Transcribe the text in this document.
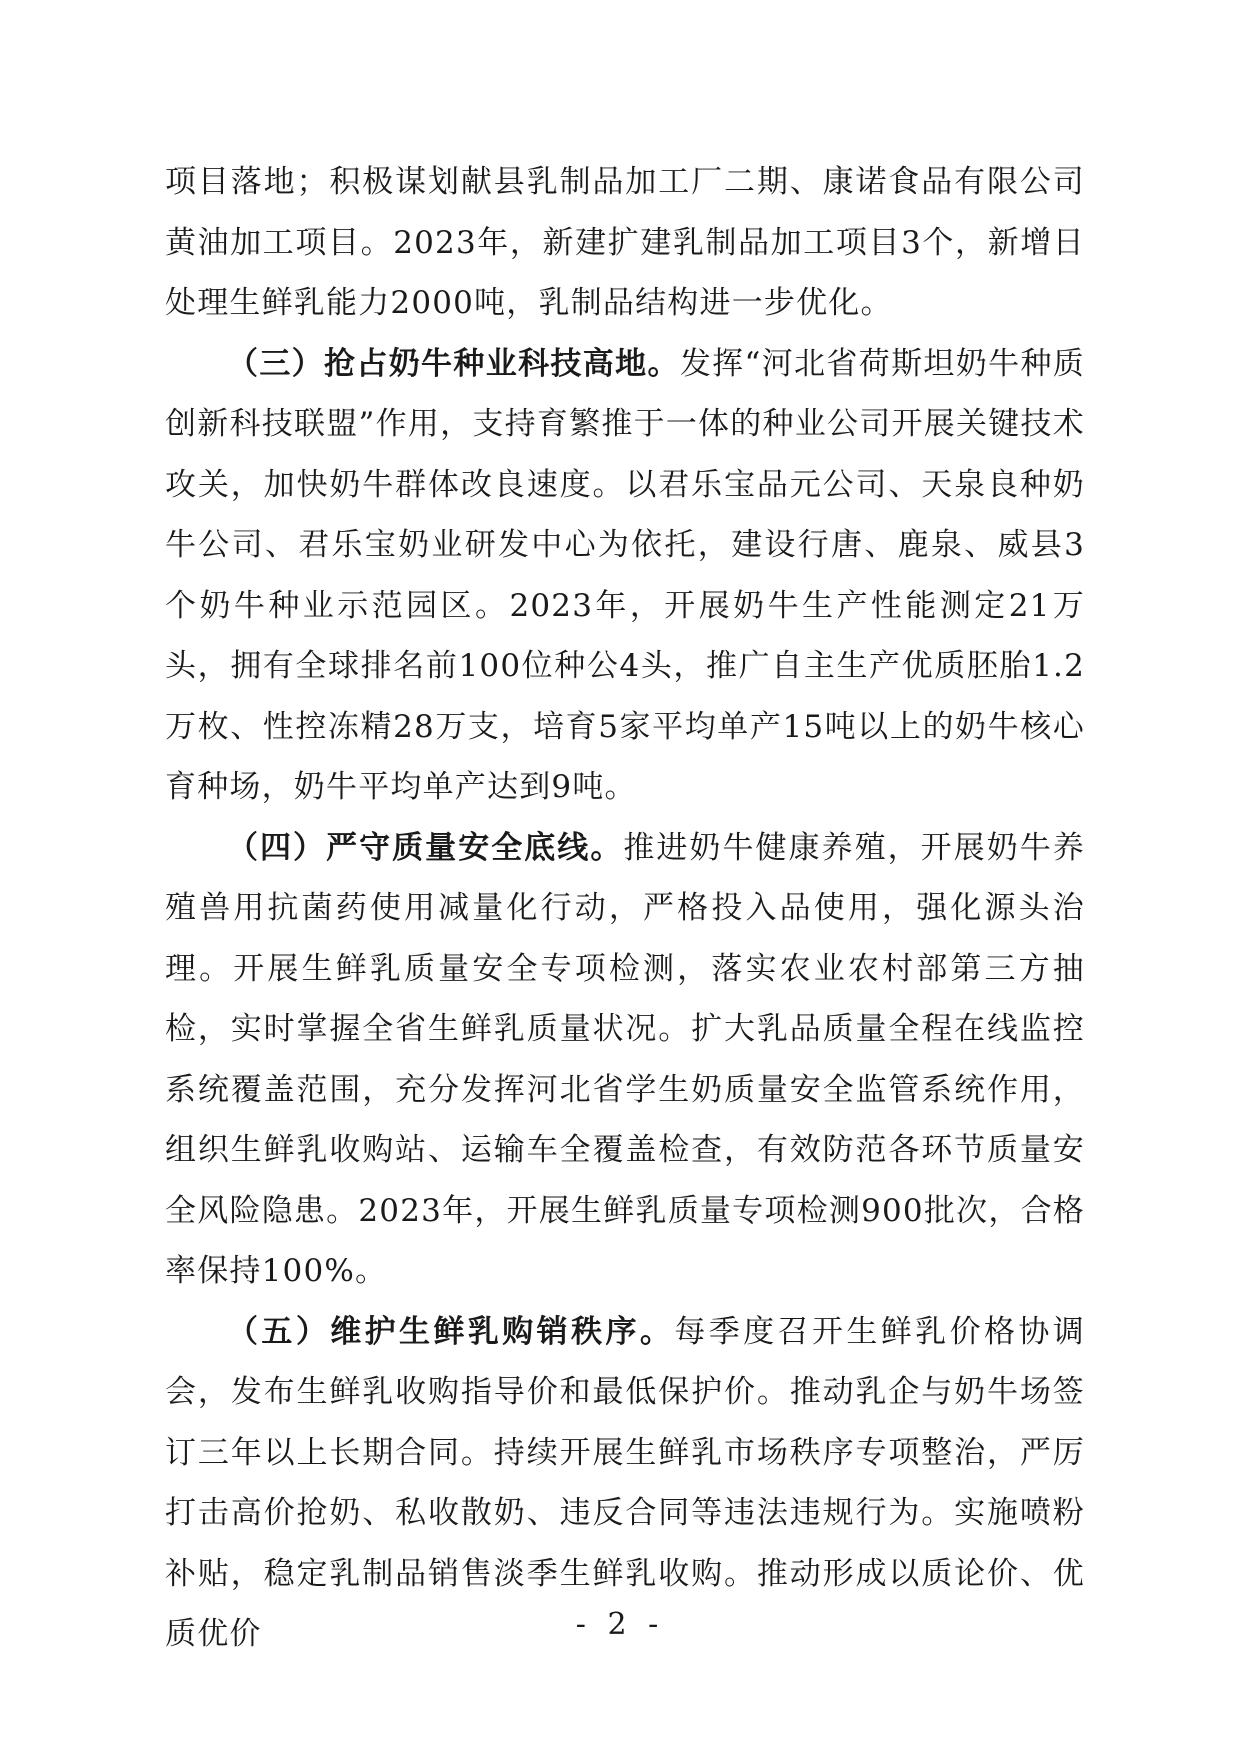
项目落地；积极谋划献县乳制品加工厂二期、康诺食品有限公司黄油加工项目。2023年，新建扩建乳制品加工项目3个，新增日处理生鲜乳能力2000吨，乳制品结构进一步优化。

（三）抢占奶牛种业科技高地。发挥“河北省荷斯坦奶牛种质创新科技联盟”作用，支持育繁推于一体的种业公司开展关键技术攻关，加快奶牛群体改良速度。以君乐宝品元公司、天泉良种奶牛公司、君乐宝奶业研发中心为依托，建设行唐、鹿泉、威县3个奶牛种业示范园区。2023年，开展奶牛生产性能测定21万头，拥有全球排名前100位种公4头，推广自主生产优质胚胎1.2万枚、性控冻精28万支，培育5家平均单产15吨以上的奶牛核心育种场，奶牛平均单产达到9吨。

（四）严守质量安全底线。推进奶牛健康养殖，开展奶牛养殖兽用抗菌药使用减量化行动，严格投入品使用，强化源头治理。开展生鲜乳质量安全专项检测，落实农业农村部第三方抽检，实时掌握全省生鲜乳质量状况。扩大乳品质量全程在线监控系统覆盖范围，充分发挥河北省学生奶质量安全监管系统作用，组织生鲜乳收购站、运输车全覆盖检查，有效防范各环节质量安全风险隐患。2023年，开展生鲜乳质量专项检测900批次，合格率保持100%。

（五）维护生鲜乳购销秩序。每季度召开生鲜乳价格协调会，发布生鲜乳收购指导价和最低保护价。推动乳企与奶牛场签订三年以上长期合同。持续开展生鲜乳市场秩序专项整治，严厉打击高价抢奶、私收散奶、违反合同等违法违规行为。实施喷粉补贴，稳定乳制品销售淡季生鲜乳收购。推动形成以质论价、优质优价	- 2 -
